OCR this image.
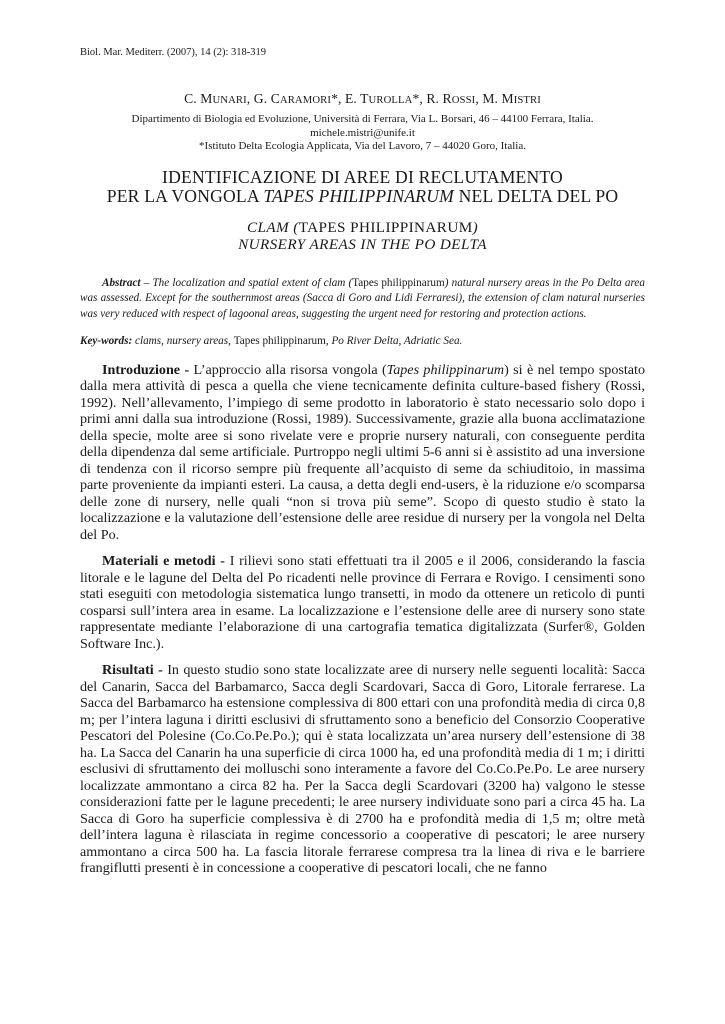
Biol. Mar. Mediterr. (2007), 14 (2): 318-319

C. MUNARI, G. CARAMORI*, E. TUROLLA*, R. ROSSI, M. MISTRI

Dipartimento di Biologia ed Evoluzione, Università di Ferrara, Via L. Borsari, 46 – 44100 Ferrara, Italia.
michele.mistri@unife.it
*Istituto Delta Ecologia Applicata, Via del Lavoro, 7 – 44020 Goro, Italia.

IDENTIFICAZIONE DI AREE DI RECLUTAMENTO
PER LA VONGOLA TAPES PHILIPPINARUM NEL DELTA DEL PO
CLAM (TAPES PHILIPPINARUM)
NURSERY AREAS IN THE PO DELTA

Abstract – The localization and spatial extent of clam (Tapes philippinarum) natural nursery areas in the Po Delta area was assessed. Except for the southernmost areas (Sacca di Goro and Lidi Ferraresi), the extension of clam natural nurseries was very reduced with respect of lagoonal areas, suggesting the urgent need for restoring and protection actions.

Key-words: clams, nursery areas, Tapes philippinarum, Po River Delta, Adriatic Sea.

Introduzione - L’approccio alla risorsa vongola (Tapes philippinarum) si è nel tempo spostato dalla mera attività di pesca a quella che viene tecnicamente definita culture-based fishery (Rossi, 1992). Nell’allevamento, l’impiego di seme prodotto in laboratorio è stato necessario solo dopo i primi anni dalla sua introduzione (Rossi, 1989). Successivamente, grazie alla buona acclimatazione della specie, molte aree si sono rivelate vere e proprie nursery naturali, con conseguente perdita della dipendenza dal seme artificiale. Purtroppo negli ultimi 5-6 anni si è assistito ad una inversione di tendenza con il ricorso sempre più frequente all’acquisto di seme da schiuditoio, in massima parte proveniente da impianti esteri. La causa, a detta degli end-users, è la riduzione e/o scomparsa delle zone di nursery, nelle quali “non si trova più seme”. Scopo di questo studio è stato la localizzazione e la valutazione dell’estensione delle aree residue di nursery per la vongola nel Delta del Po.

Materiali e metodi - I rilievi sono stati effettuati tra il 2005 e il 2006, considerando la fascia litorale e le lagune del Delta del Po ricadenti nelle province di Ferrara e Rovigo. I censimenti sono stati eseguiti con metodologia sistematica lungo transetti, in modo da ottenere un reticolo di punti cosparsi sull’intera area in esame. La localizzazione e l’estensione delle aree di nursery sono state rappresentate mediante l’elaborazione di una cartografia tematica digitalizzata (Surfer®, Golden Software Inc.).

Risultati - In questo studio sono state localizzate aree di nursery nelle seguenti località: Sacca del Canarin, Sacca del Barbamarco, Sacca degli Scardovari, Sacca di Goro, Litorale ferrarese. La Sacca del Barbamarco ha estensione complessiva di 800 ettari con una profondità media di circa 0,8 m; per l’intera laguna i diritti esclusivi di sfruttamento sono a beneficio del Consorzio Cooperative Pescatori del Polesine (Co.Co.Pe.Po.); qui è stata localizzata un’area nursery dell’estensione di 38 ha. La Sacca del Canarin ha una superficie di circa 1000 ha, ed una profondità media di 1 m; i diritti esclusivi di sfruttamento dei molluschi sono interamente a favore del Co.Co.Pe.Po. Le aree nursery localizzate ammontano a circa 82 ha. Per la Sacca degli Scardovari (3200 ha) valgono le stesse considerazioni fatte per le lagune precedenti; le aree nursery individuate sono pari a circa 45 ha. La Sacca di Goro ha superficie complessiva è di 2700 ha e profondità media di 1,5 m; oltre metà dell’intera laguna è rilasciata in regime concessorio a cooperative di pescatori; le aree nursery ammontano a circa 500 ha. La fascia litorale ferrarese compresa tra la linea di riva e le barriere frangiflutti presenti è in concessione a cooperative di pescatori locali, che ne fanno
